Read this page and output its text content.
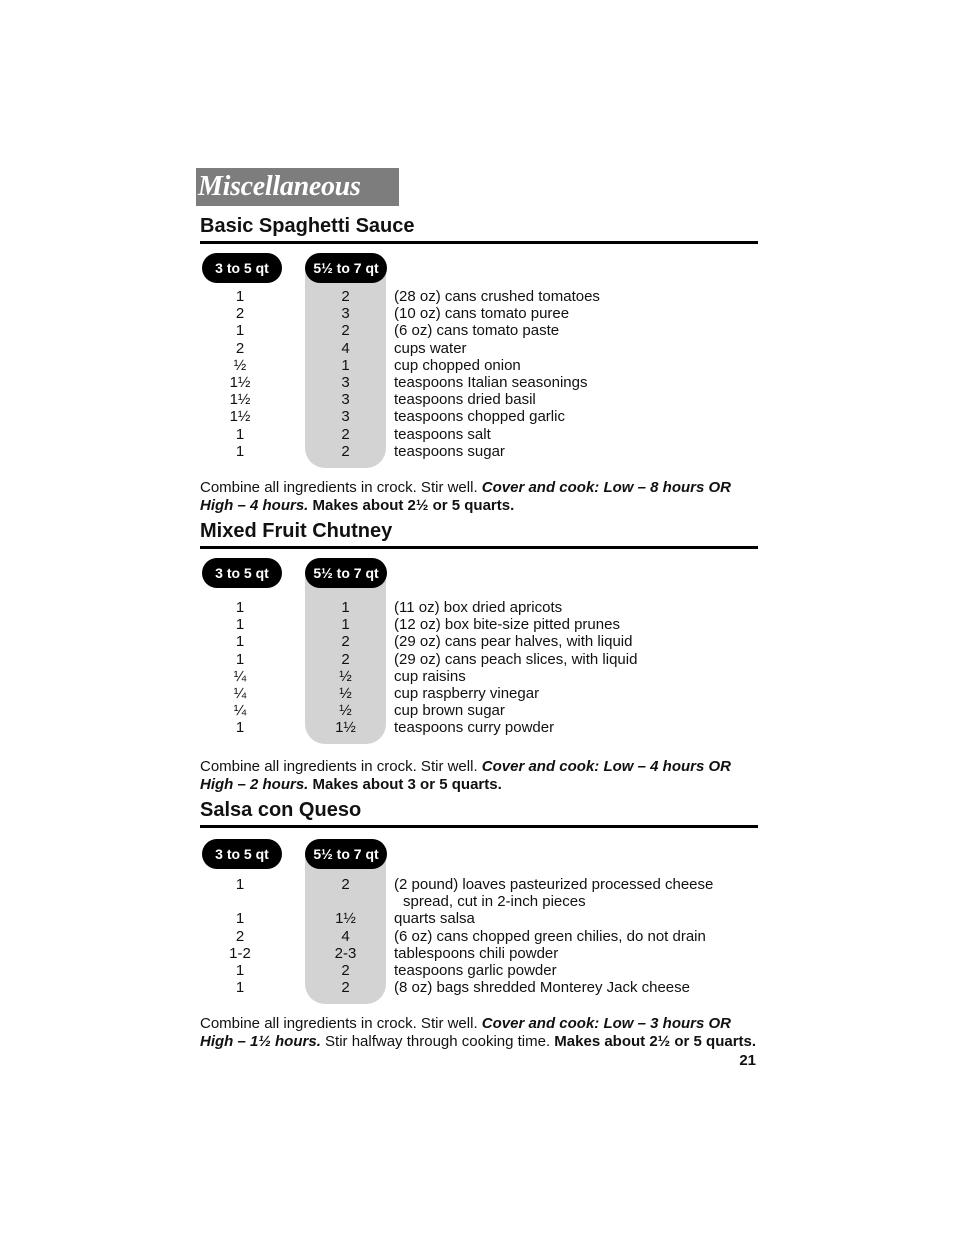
Miscellaneous
Basic Spaghetti Sauce
3 to 5 qt	5½ to 7 qt
1	2	(28 oz) cans crushed tomatoes
2	3	(10 oz) cans tomato puree
1	2	(6 oz) cans tomato paste
2	4	cups water
½	1	cup chopped onion
1½	3	teaspoons Italian seasonings
1½	3	teaspoons dried basil
1½	3	teaspoons chopped garlic
1	2	teaspoons salt
1	2	teaspoons sugar
Combine all ingredients in crock. Stir well. Cover and cook: Low – 8 hours OR High – 4 hours. Makes about 2½ or 5 quarts.
Mixed Fruit Chutney
3 to 5 qt	5½ to 7 qt
1	1	(11 oz) box dried apricots
1	1	(12 oz) box bite-size pitted prunes
1	2	(29 oz) cans pear halves, with liquid
1	2	(29 oz) cans peach slices, with liquid
¼	½	cup raisins
¼	½	cup raspberry vinegar
¼	½	cup brown sugar
1	1½	teaspoons curry powder
Combine all ingredients in crock. Stir well. Cover and cook: Low – 4 hours OR High – 2 hours. Makes about 3 or 5 quarts.
Salsa con Queso
3 to 5 qt	5½ to 7 qt
1	2	(2 pound) loaves pasteurized processed cheese
spread, cut in 2-inch pieces
1	1½	quarts salsa
2	4	(6 oz) cans chopped green chilies, do not drain
1-2	2-3	tablespoons chili powder
1	2	teaspoons garlic powder
1	2	(8 oz) bags shredded Monterey Jack cheese
Combine all ingredients in crock. Stir well. Cover and cook: Low – 3 hours OR High – 1½ hours. Stir halfway through cooking time. Makes about 2½ or 5 quarts.
21
